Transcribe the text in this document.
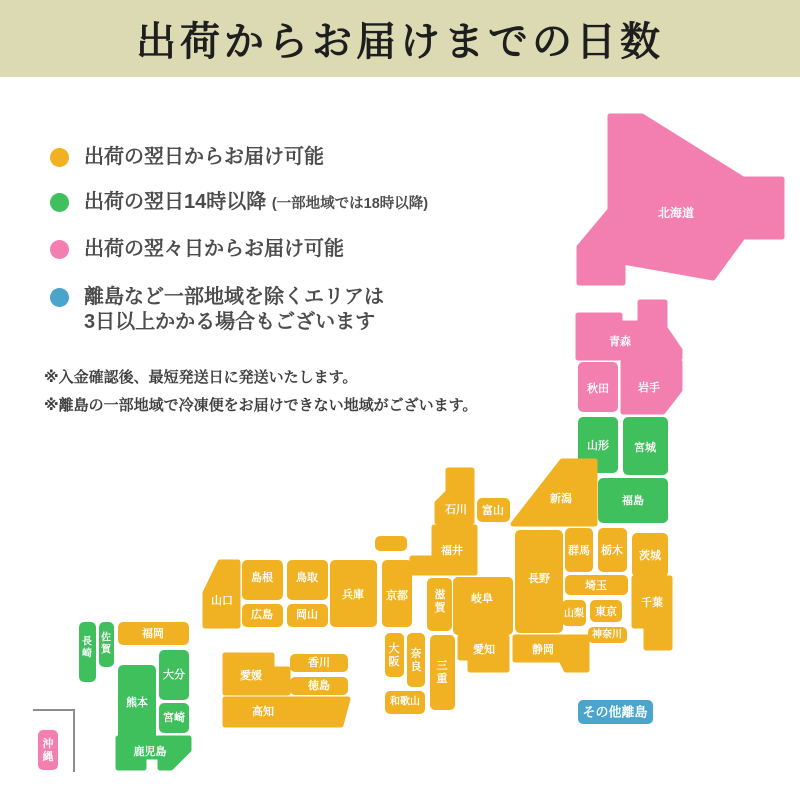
北海道
青森
秋田	岩手
山形 宮城
福島
新潟
富山
石川
福井
長野
群馬 栃木 茨城
埼玉
山梨 東京
神奈川
千葉
静岡
愛知
岐阜
滋賀
京都
大阪
奈良
和歌山
三重
兵庫
鳥取
島根
岡山
広島
山口
香川
愛媛
徳島
高知
福岡
佐賀
長崎
熊本
大分
宮崎
鹿児島
沖縄
その他離島
出荷からお届けまでの日数
出荷の翌日からお届け可能
出荷の翌日14時以降 (一部地域では18時以降)
出荷の翌々日からお届け可能
離島など一部地域を除くエリアは
3日以上かかる場合もございます
※入金確認後、最短発送日に発送いたします。
※離島の一部地域で冷凍便をお届けできない地域がございます。
